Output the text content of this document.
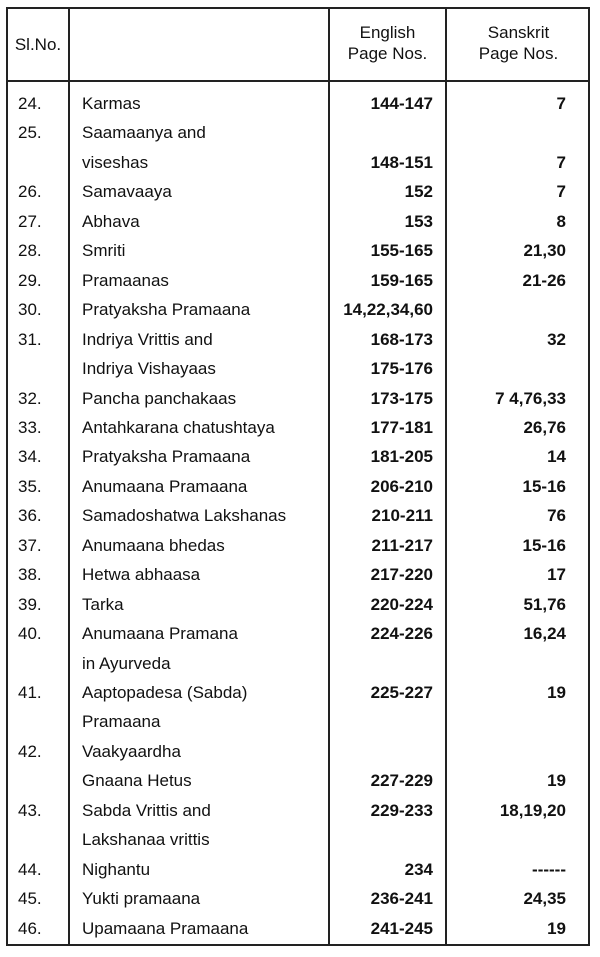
Sl.No.
English
Page Nos.
Sanskrit
Page Nos.
24. Karmas	144-147	7
25. Saamaanya and
viseshas	148-151	7
26. Samavaaya	152	7
27. Abhava	153	8
28. Smriti	155-165	21,30
29. Pramaanas	159-165	21-26
30. Pratyaksha Pramaana	14,22,34,60
31. Indriya Vrittis and	168-173	32
Indriya Vishayaas	175-176
32. Pancha panchakaas	173-175	7 4,76,33
33. Antahkarana chatushtaya	177-181	26,76
34. Pratyaksha Pramaana	181-205	14
35. Anumaana Pramaana	206-210	15-16
36. Samadoshatwa Lakshanas	210-211	76
37. Anumaana bhedas	211-217	15-16
38. Hetwa abhaasa	217-220	17
39. Tarka	220-224	51,76
40. Anumaana Pramana	224-226	16,24
in Ayurveda
41. Aaptopadesa (Sabda)	225-227	19
Pramaana
42. Vaakyaardha
Gnaana Hetus	227-229	19
43. Sabda Vrittis and	229-233	18,19,20
Lakshanaa vrittis
44. Nighantu	234	------
45. Yukti pramaana	236-241	24,35
46. Upamaana Pramaana	241-245	19
